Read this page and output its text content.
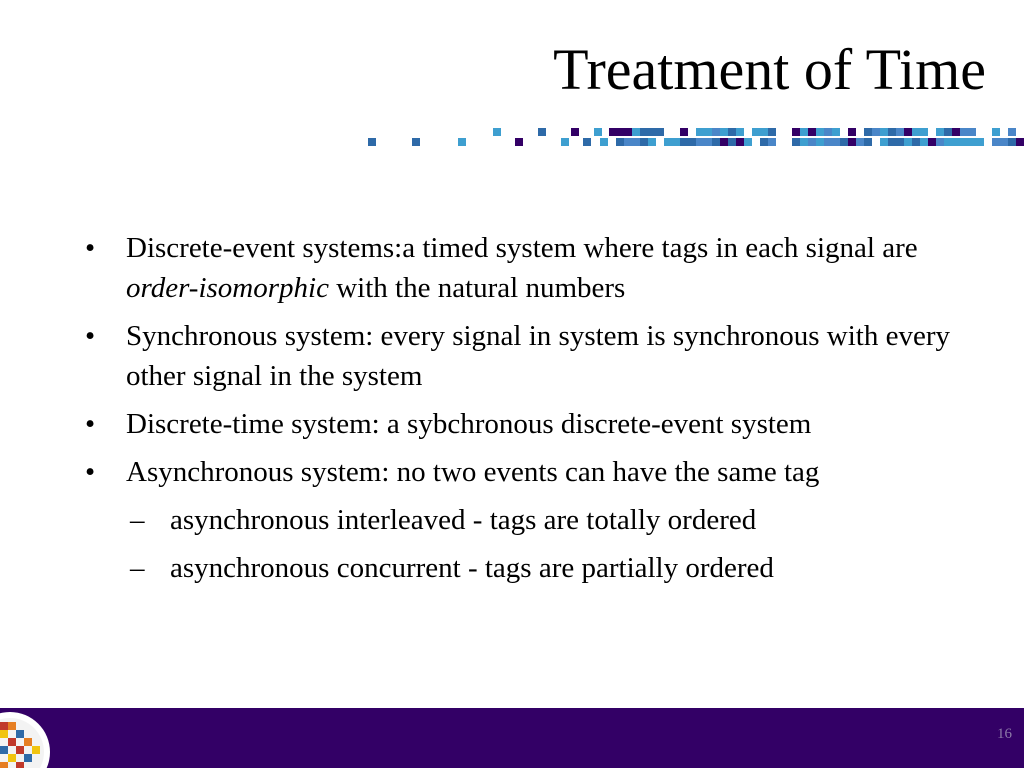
Treatment of Time
• Discrete-event systems:a timed system where tags in each signal are order-isomorphic with the natural numbers
• Synchronous system: every signal in system is synchronous with every other signal in the system
• Discrete-time system: a sybchronous discrete-event system
• Asynchronous system: no two events can have the same tag
– asynchronous interleaved - tags are totally ordered
– asynchronous concurrent - tags are partially ordered
16
